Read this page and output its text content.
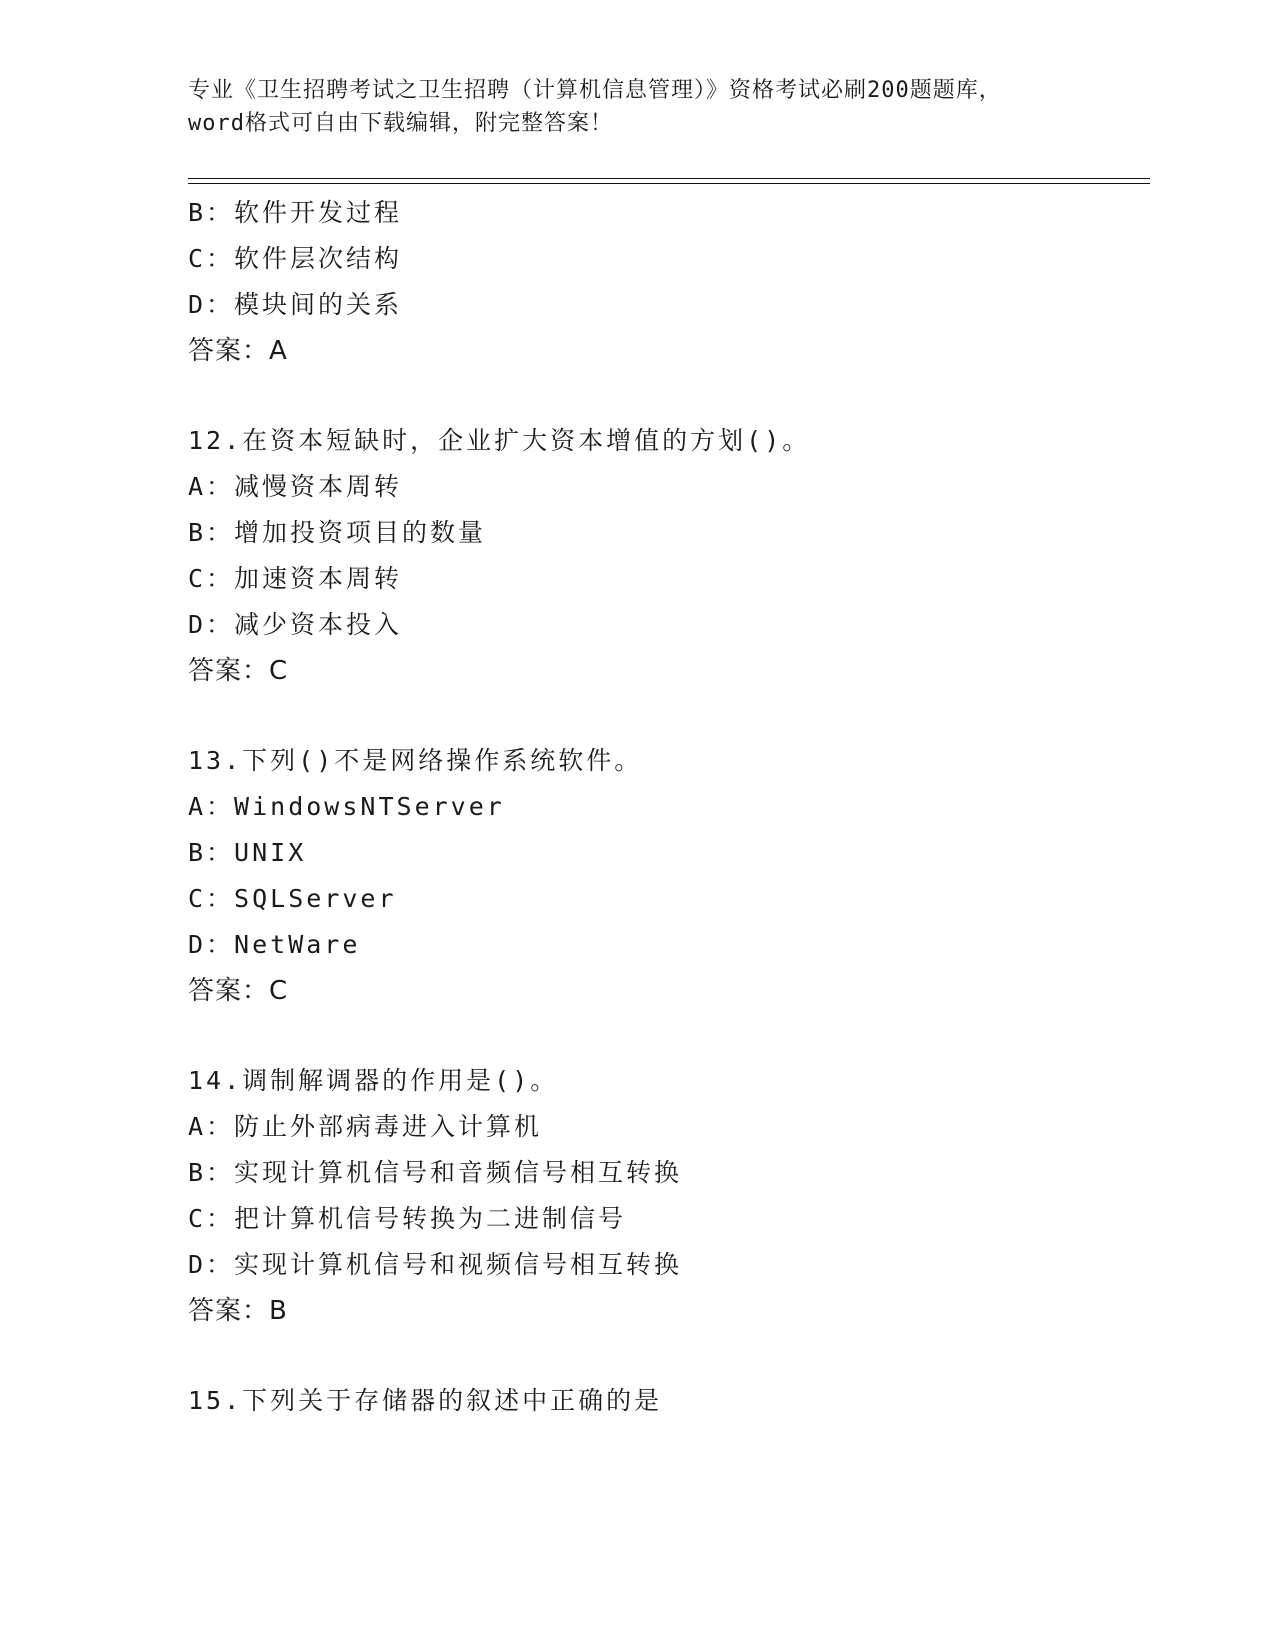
专业《卫生招聘考试之卫生招聘（计算机信息管理）》资格考试必刷200题题库，
word格式可自由下载编辑，附完整答案！
B：软件开发过程
C：软件层次结构
D：模块间的关系
答案：A
12.在资本短缺时，企业扩大资本增值的方划()。
A：减慢资本周转
B：增加投资项目的数量
C：加速资本周转
D：减少资本投入
答案：C
13.下列()不是网络操作系统软件。
A：WindowsNTServer
B：UNIX
C：SQLServer
D：NetWare
答案：C
14.调制解调器的作用是()。
A：防止外部病毒进入计算机
B：实现计算机信号和音频信号相互转换
C：把计算机信号转换为二进制信号
D：实现计算机信号和视频信号相互转换
答案：B
15.下列关于存储器的叙述中正确的是
